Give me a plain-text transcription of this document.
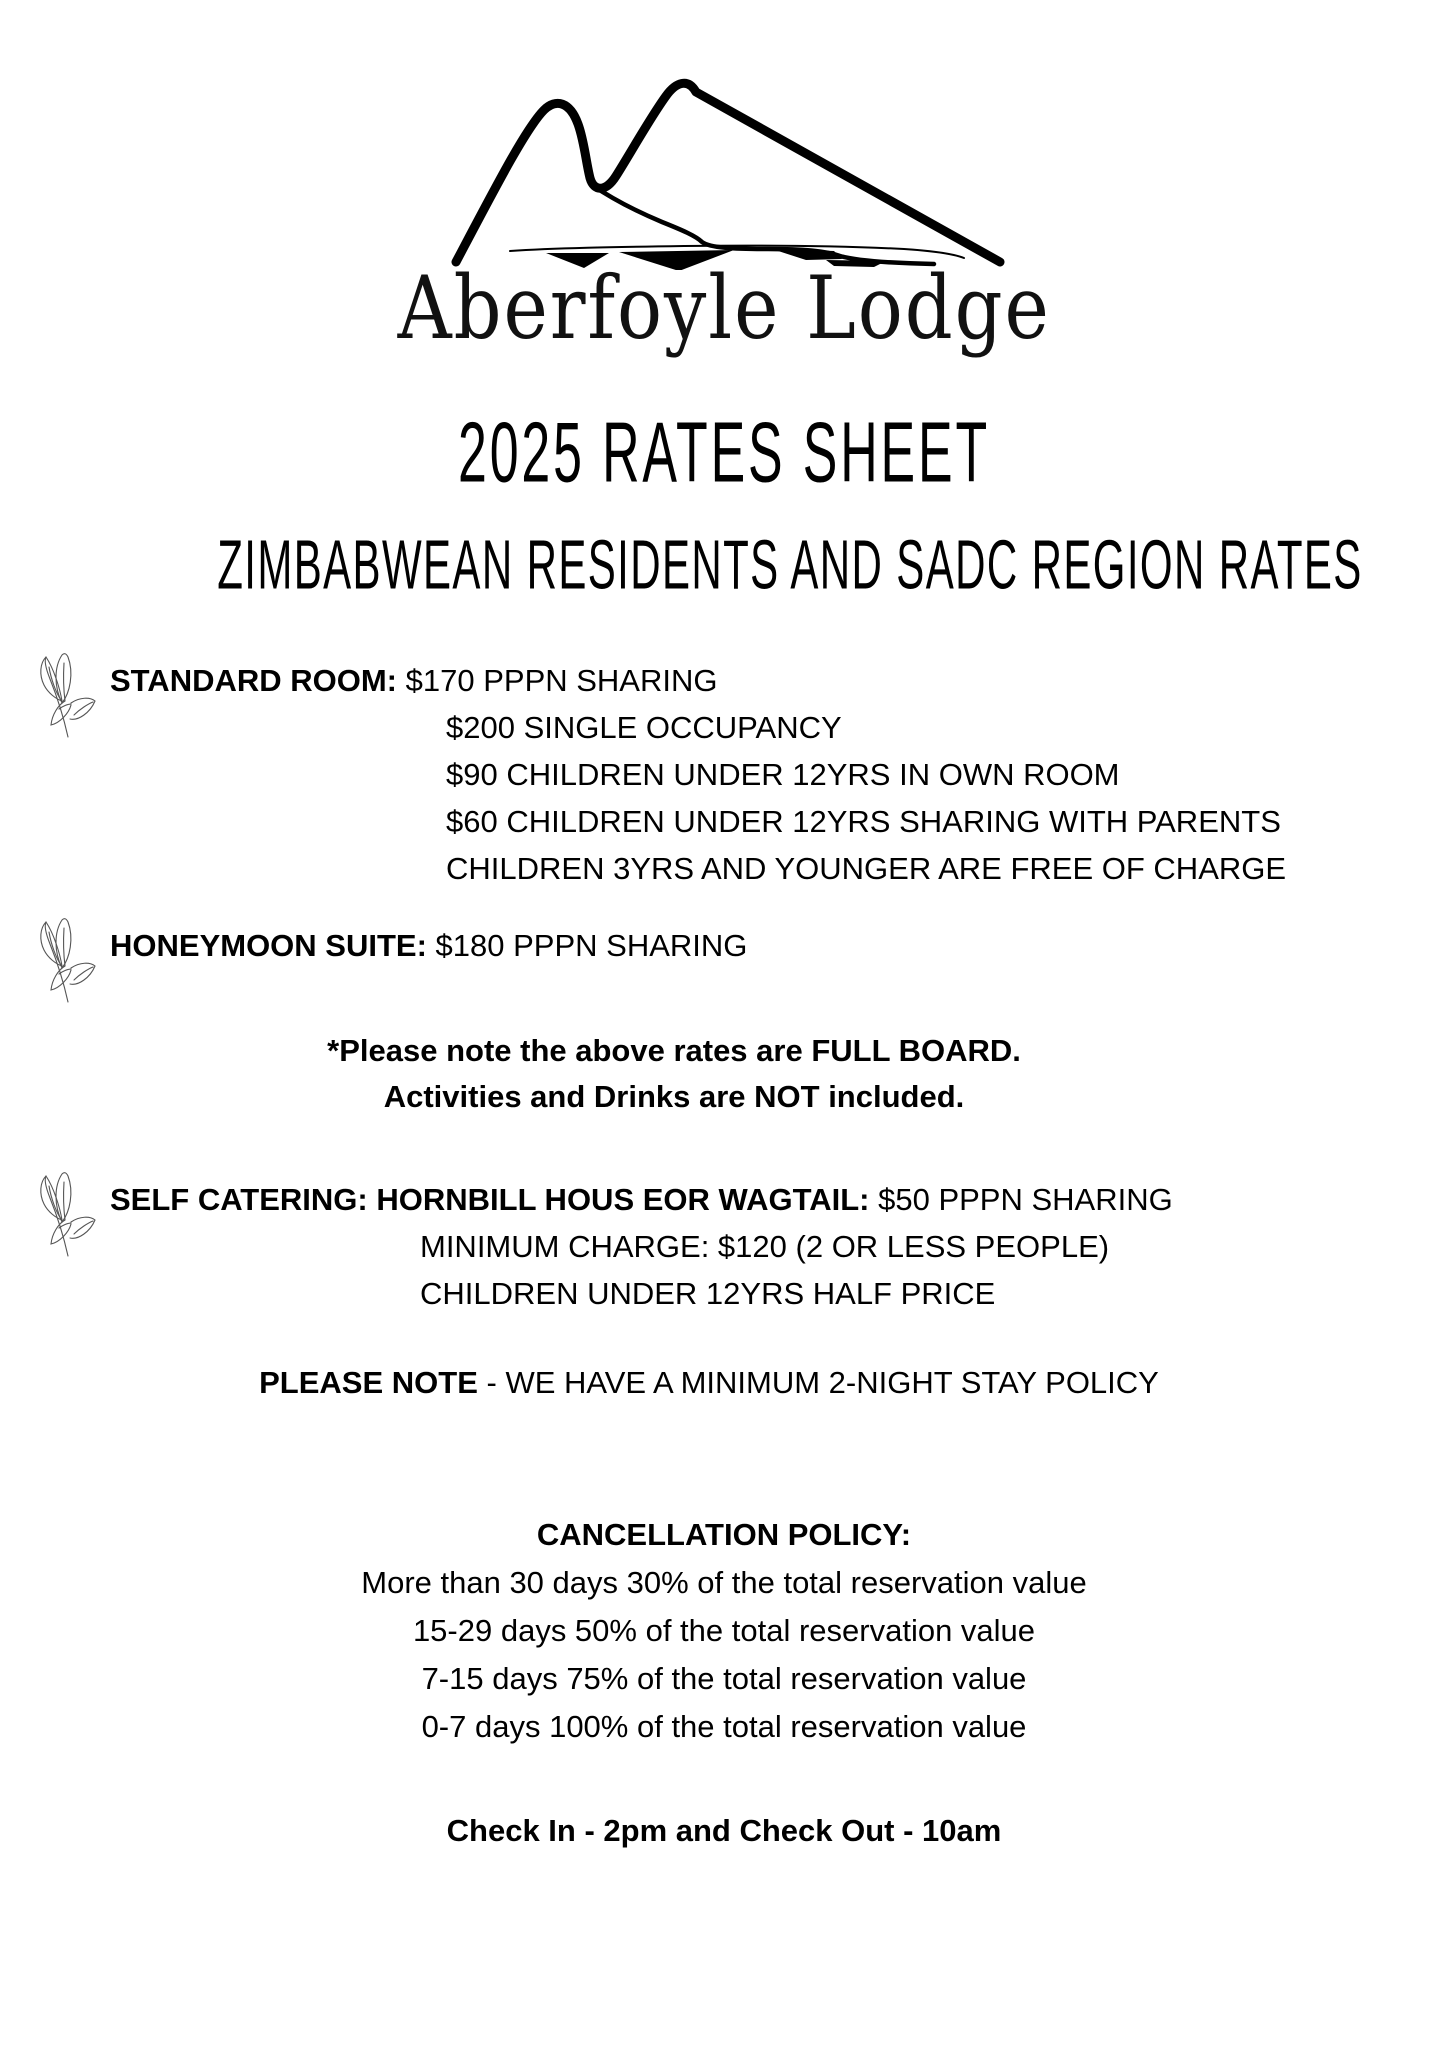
Aberfoyle Lodge
2025 RATES SHEET
ZIMBABWEAN RESIDENTS AND SADC REGION RATES
STANDARD ROOM: $170 PPPN SHARING
$200 SINGLE OCCUPANCY
$90 CHILDREN UNDER 12YRS IN OWN ROOM
$60 CHILDREN UNDER 12YRS SHARING WITH PARENTS
CHILDREN 3YRS AND YOUNGER ARE FREE OF CHARGE
HONEYMOON SUITE: $180 PPPN SHARING
*Please note the above rates are FULL BOARD.
Activities and Drinks are NOT included.
SELF CATERING: HORNBILL HOUS EOR WAGTAIL: $50 PPPN SHARING
MINIMUM CHARGE: $120 (2 OR LESS PEOPLE)
CHILDREN UNDER 12YRS HALF PRICE
PLEASE NOTE - WE HAVE A MINIMUM 2-NIGHT STAY POLICY
CANCELLATION POLICY:
More than 30 days 30% of the total reservation value
15-29 days 50% of the total reservation value
7-15 days 75% of the total reservation value
0-7 days 100% of the total reservation value
Check In - 2pm and Check Out - 10am
